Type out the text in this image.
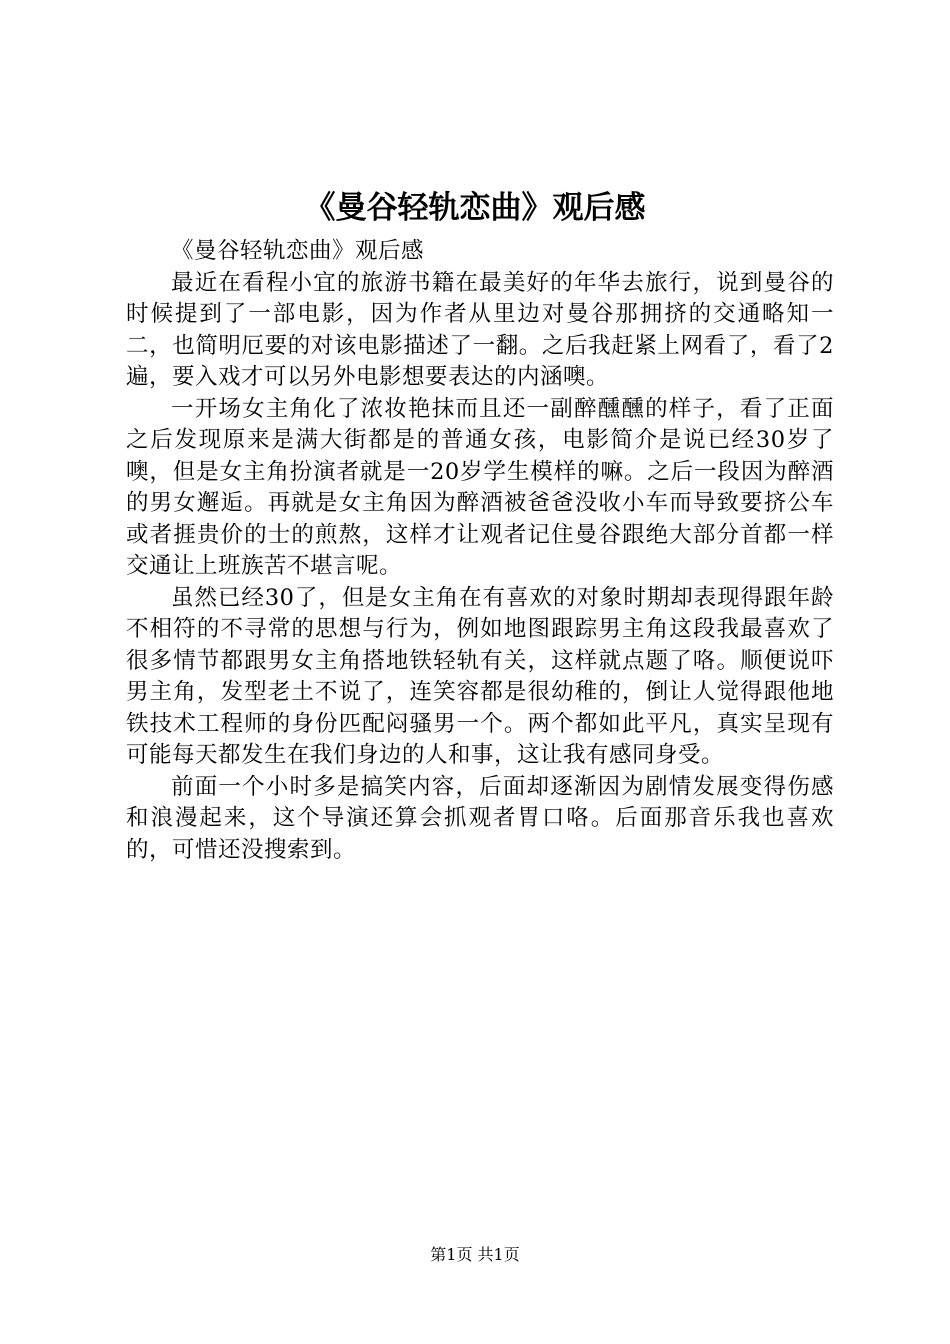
《曼谷轻轨恋曲》观后感

《曼谷轻轨恋曲》观后感

最近在看程小宜的旅游书籍在最美好的年华去旅行，说到曼谷的时候提到了一部电影，因为作者从里边对曼谷那拥挤的交通略知一二，也简明厄要的对该电影描述了一翻。之后我赶紧上网看了，看了2遍，要入戏才可以另外电影想要表达的内涵噢。

一开场女主角化了浓妆艳抹而且还一副醉醺醺的样子，看了正面之后发现原来是满大街都是的普通女孩，电影简介是说已经30岁了噢，但是女主角扮演者就是一20岁学生模样的嘛。之后一段因为醉酒的男女邂逅。再就是女主角因为醉酒被爸爸没收小车而导致要挤公车或者捱贵价的士的煎熬，这样才让观者记住曼谷跟绝大部分首都一样交通让上班族苦不堪言呢。

虽然已经30了，但是女主角在有喜欢的对象时期却表现得跟年龄不相符的不寻常的思想与行为，例如地图跟踪男主角这段我最喜欢了很多情节都跟男女主角搭地铁轻轨有关，这样就点题了咯。顺便说吓男主角，发型老土不说了，连笑容都是很幼稚的，倒让人觉得跟他地铁技术工程师的身份匹配闷骚男一个。两个都如此平凡，真实呈现有可能每天都发生在我们身边的人和事，这让我有感同身受。

前面一个小时多是搞笑内容，后面却逐渐因为剧情发展变得伤感和浪漫起来，这个导演还算会抓观者胃口咯。后面那音乐我也喜欢的，可惜还没搜索到。

第1页 共1页
